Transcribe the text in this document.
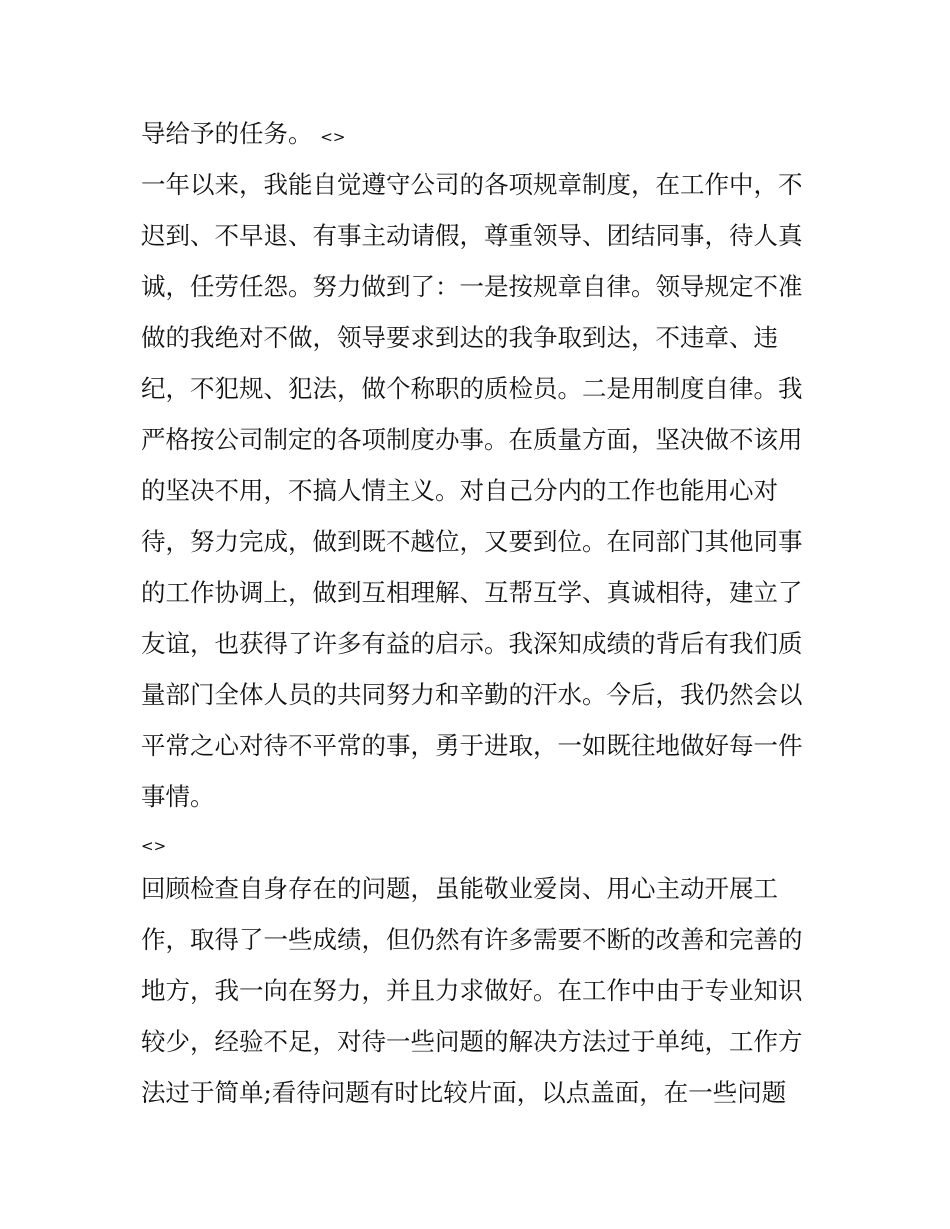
导给予的任务。 <>
一年以来，我能自觉遵守公司的各项规章制度，在工作中，不
迟到、不早退、有事主动请假，尊重领导、团结同事，待人真
诚，任劳任怨。努力做到了：一是按规章自律。领导规定不准
做的我绝对不做，领导要求到达的我争取到达，不违章、违
纪，不犯规、犯法，做个称职的质检员。二是用制度自律。我
严格按公司制定的各项制度办事。在质量方面，坚决做不该用
的坚决不用，不搞人情主义。对自己分内的工作也能用心对
待，努力完成，做到既不越位，又要到位。在同部门其他同事
的工作协调上，做到互相理解、互帮互学、真诚相待，建立了
友谊，也获得了许多有益的启示。我深知成绩的背后有我们质
量部门全体人员的共同努力和辛勤的汗水。今后，我仍然会以
平常之心对待不平常的事，勇于进取，一如既往地做好每一件
事情。
<>
回顾检查自身存在的问题，虽能敬业爱岗、用心主动开展工
作，取得了一些成绩，但仍然有许多需要不断的改善和完善的
地方，我一向在努力，并且力求做好。在工作中由于专业知识
较少，经验不足，对待一些问题的解决方法过于单纯，工作方
法过于简单;看待问题有时比较片面，以点盖面，在一些问题
